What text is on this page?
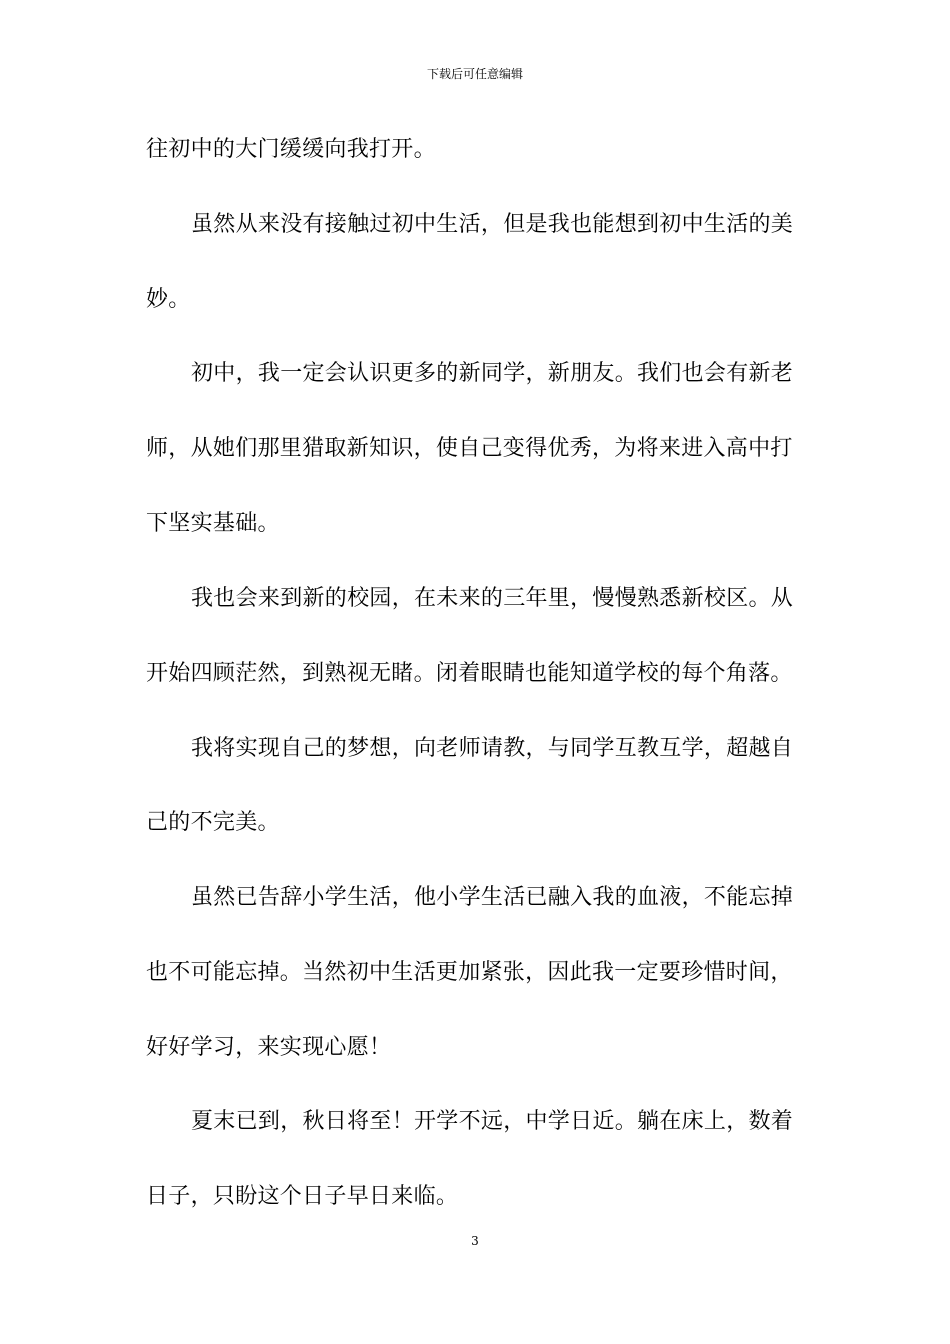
下载后可任意编辑
往初中的大门缓缓向我打开。
虽然从来没有接触过初中生活，但是我也能想到初中生活的美
妙。
初中，我一定会认识更多的新同学，新朋友。我们也会有新老
师，从她们那里猎取新知识，使自己变得优秀，为将来进入高中打
下坚实基础。
我也会来到新的校园，在未来的三年里，慢慢熟悉新校区。从
开始四顾茫然，到熟视无睹。闭着眼睛也能知道学校的每个角落。
我将实现自己的梦想，向老师请教，与同学互教互学，超越自
己的不完美。
虽然已告辞小学生活，他小学生活已融入我的血液，不能忘掉
也不可能忘掉。当然初中生活更加紧张，因此我一定要珍惜时间，
好好学习，来实现心愿！
夏末已到，秋日将至！开学不远，中学日近。躺在床上，数着
日子，只盼这个日子早日来临。
3
